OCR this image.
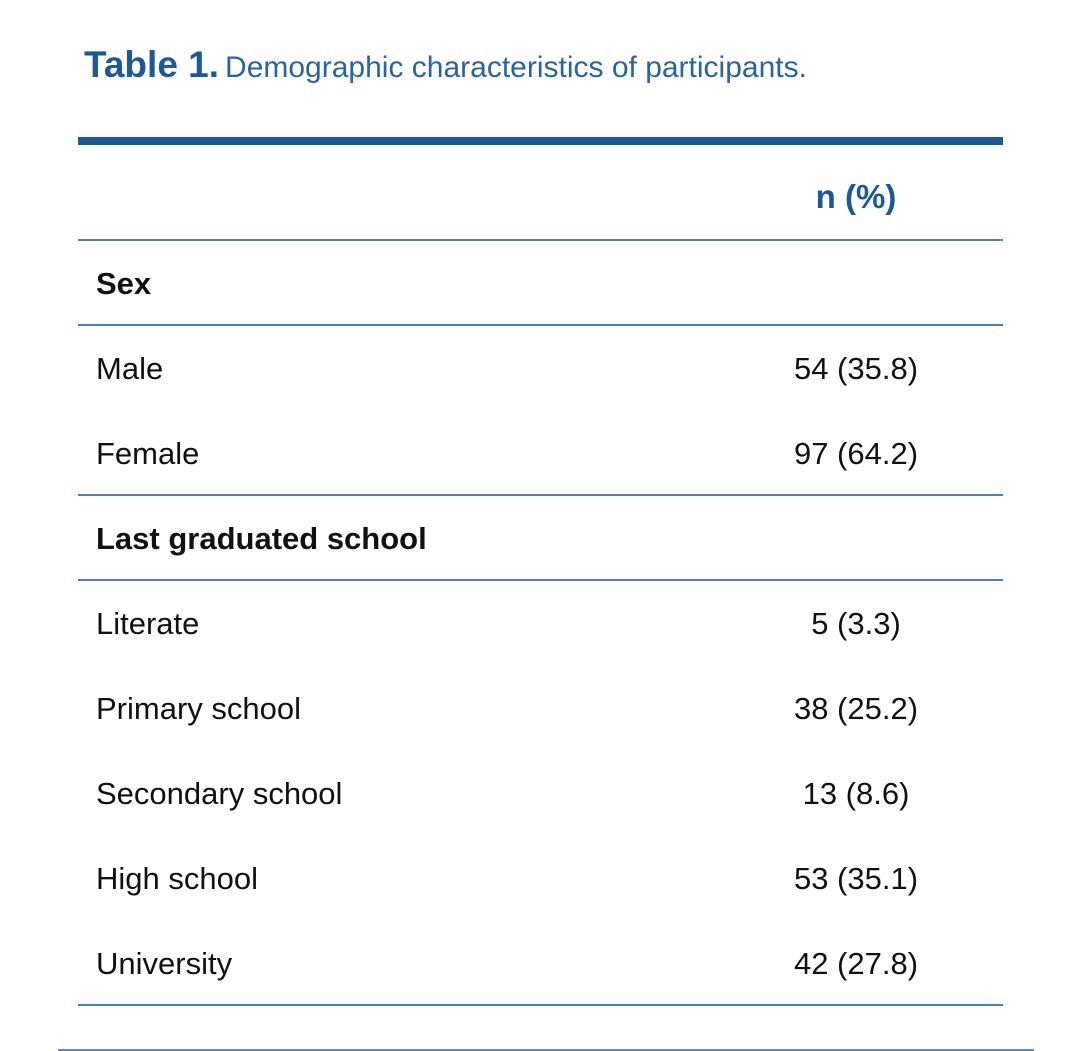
Table 1. Demographic characteristics of participants.
n (%)
Sex
Male	54 (35.8)
Female	97 (64.2)
Last graduated school
Literate	5 (3.3)
Primary school	38 (25.2)
Secondary school	13 (8.6)
High school	53 (35.1)
University	42 (27.8)
